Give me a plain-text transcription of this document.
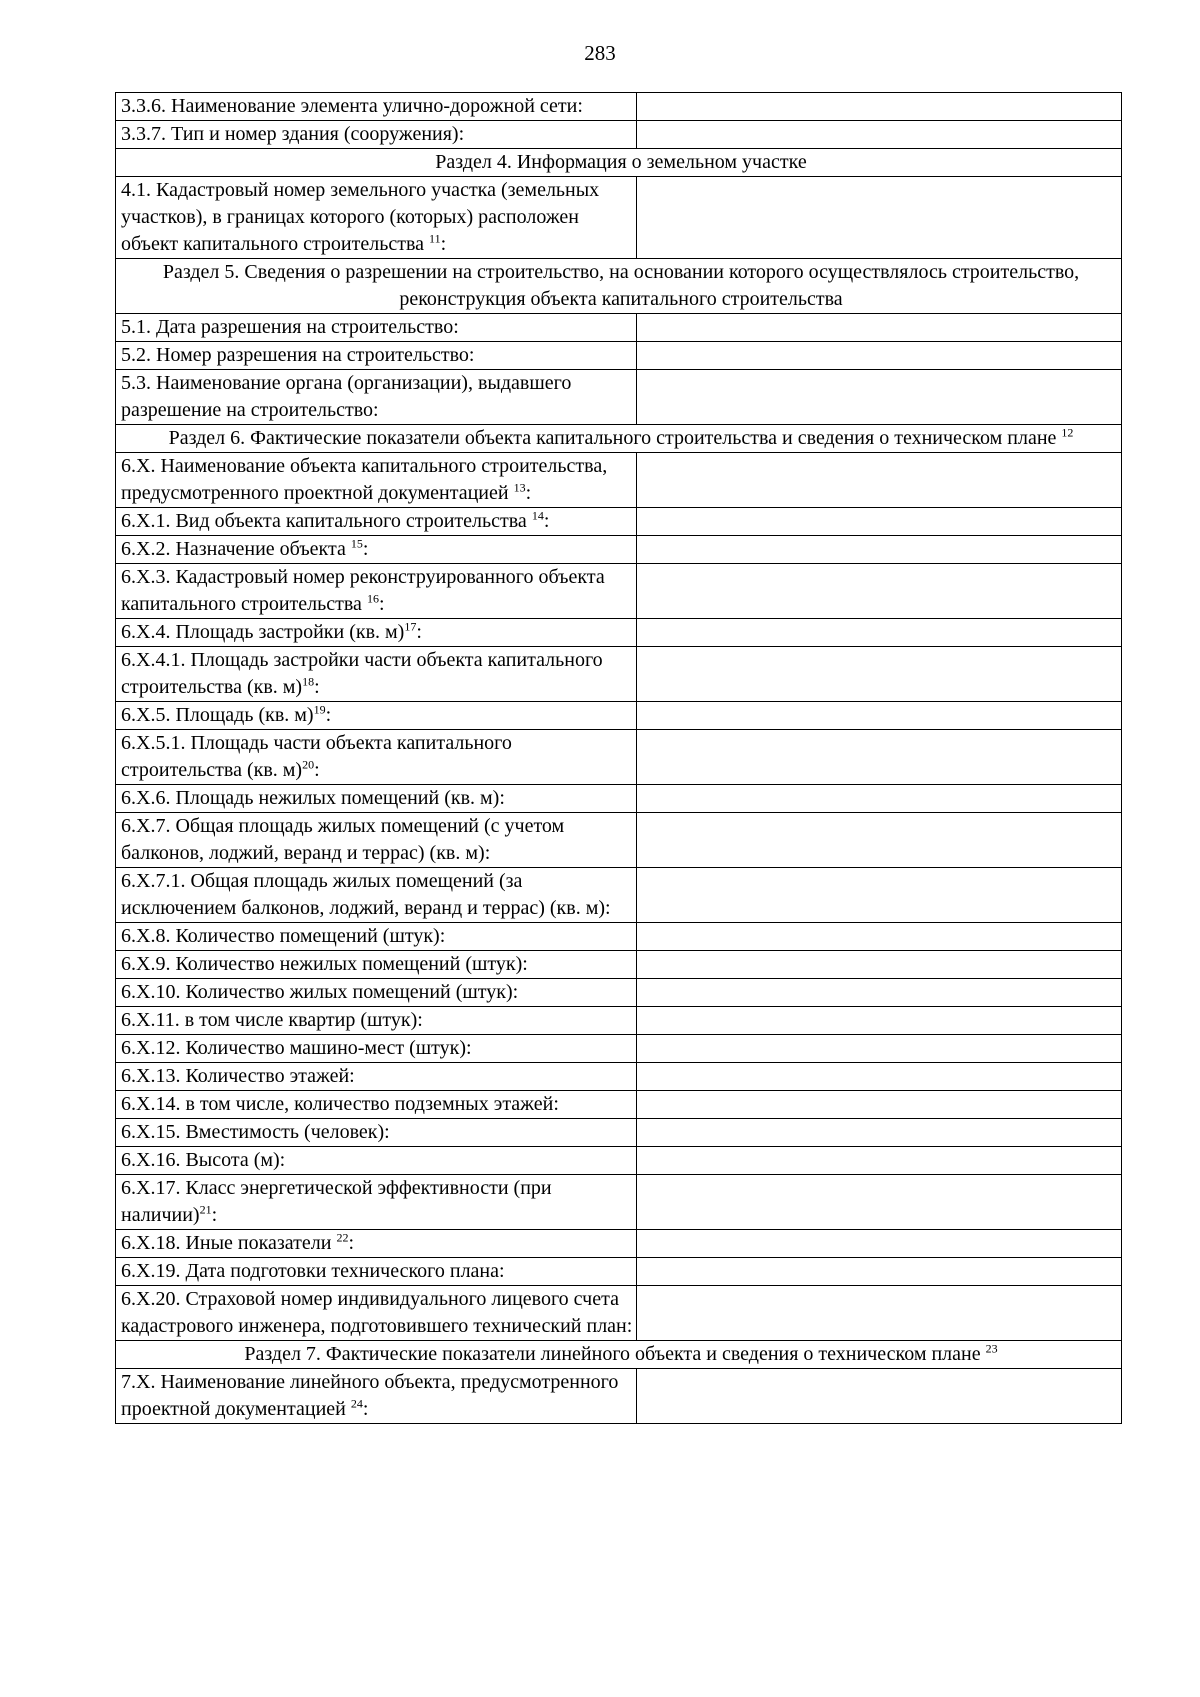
283
3.3.6. Наименование элемента улично-дорожной сети:	
3.3.7. Тип и номер здания (сооружения):	
Раздел 4. Информация о земельном участке	
4.1. Кадастровый номер земельного участка (земельных участков), в границах которого (которых) расположен объект капитального строительства $^{11}$:	
Раздел 5. Сведения о разрешении на строительство, на основании которого осуществлялось строительство, реконструкция объекта капитального строительства	
5.1. Дата разрешения на строительство:	
5.2. Номер разрешения на строительство:	
5.3. Наименование органа (организации), выдавшего разрешение на строительство:	
Раздел 6. Фактические показатели объекта капитального строительства и сведения о техническом плане $^{12}$
6.X. Наименование объекта капитального строительства, предусмотренного проектной документацией $^{13}$:	
6.X.1. Вид объекта капитального строительства $^{14}$:	
6.X.2. Назначение объекта $^{15}$:	
6.X.3. Кадастровый номер реконструированного объекта капитального строительства $^{16}$:	
6.X.4. Площадь застройки (кв. м)$^{17}$:	
6.X.4.1. Площадь застройки части объекта капитального строительства (кв. м)$^{18}$:	
6.X.5. Площадь (кв. м)$^{19}$:	
6.X.5.1. Площадь части объекта капитального строительства (кв. м)$^{20}$:	
6.X.6. Площадь нежилых помещений (кв. м):	
6.X.7. Общая площадь жилых помещений (с учетом балконов, лоджий, веранд и террас) (кв. м):	
6.X.7.1. Общая площадь жилых помещений (за исключением балконов, лоджий, веранд и террас) (кв. м):	
6.X.8. Количество помещений (штук):	
6.X.9. Количество нежилых помещений (штук):	
6.X.10. Количество жилых помещений (штук):	
6.X.11. в том числе квартир (штук):	
6.X.12. Количество машино-мест (штук):	
6.X.13. Количество этажей:	
6.X.14. в том числе, количество подземных этажей:	
6.X.15. Вместимость (человек):	
6.X.16. Высота (м):	
6.X.17. Класс энергетической эффективности (при наличии)$^{21}$:	
6.X.18. Иные показатели $^{22}$:	
6.X.19. Дата подготовки технического плана:	
6.X.20. Страховой номер индивидуального лицевого счета кадастрового инженера, подготовившего технический план:	
Раздел 7. Фактические показатели линейного объекта и сведения о техническом плане $^{23}$
7.X. Наименование линейного объекта, предусмотренного проектной документацией $^{24}$:	
